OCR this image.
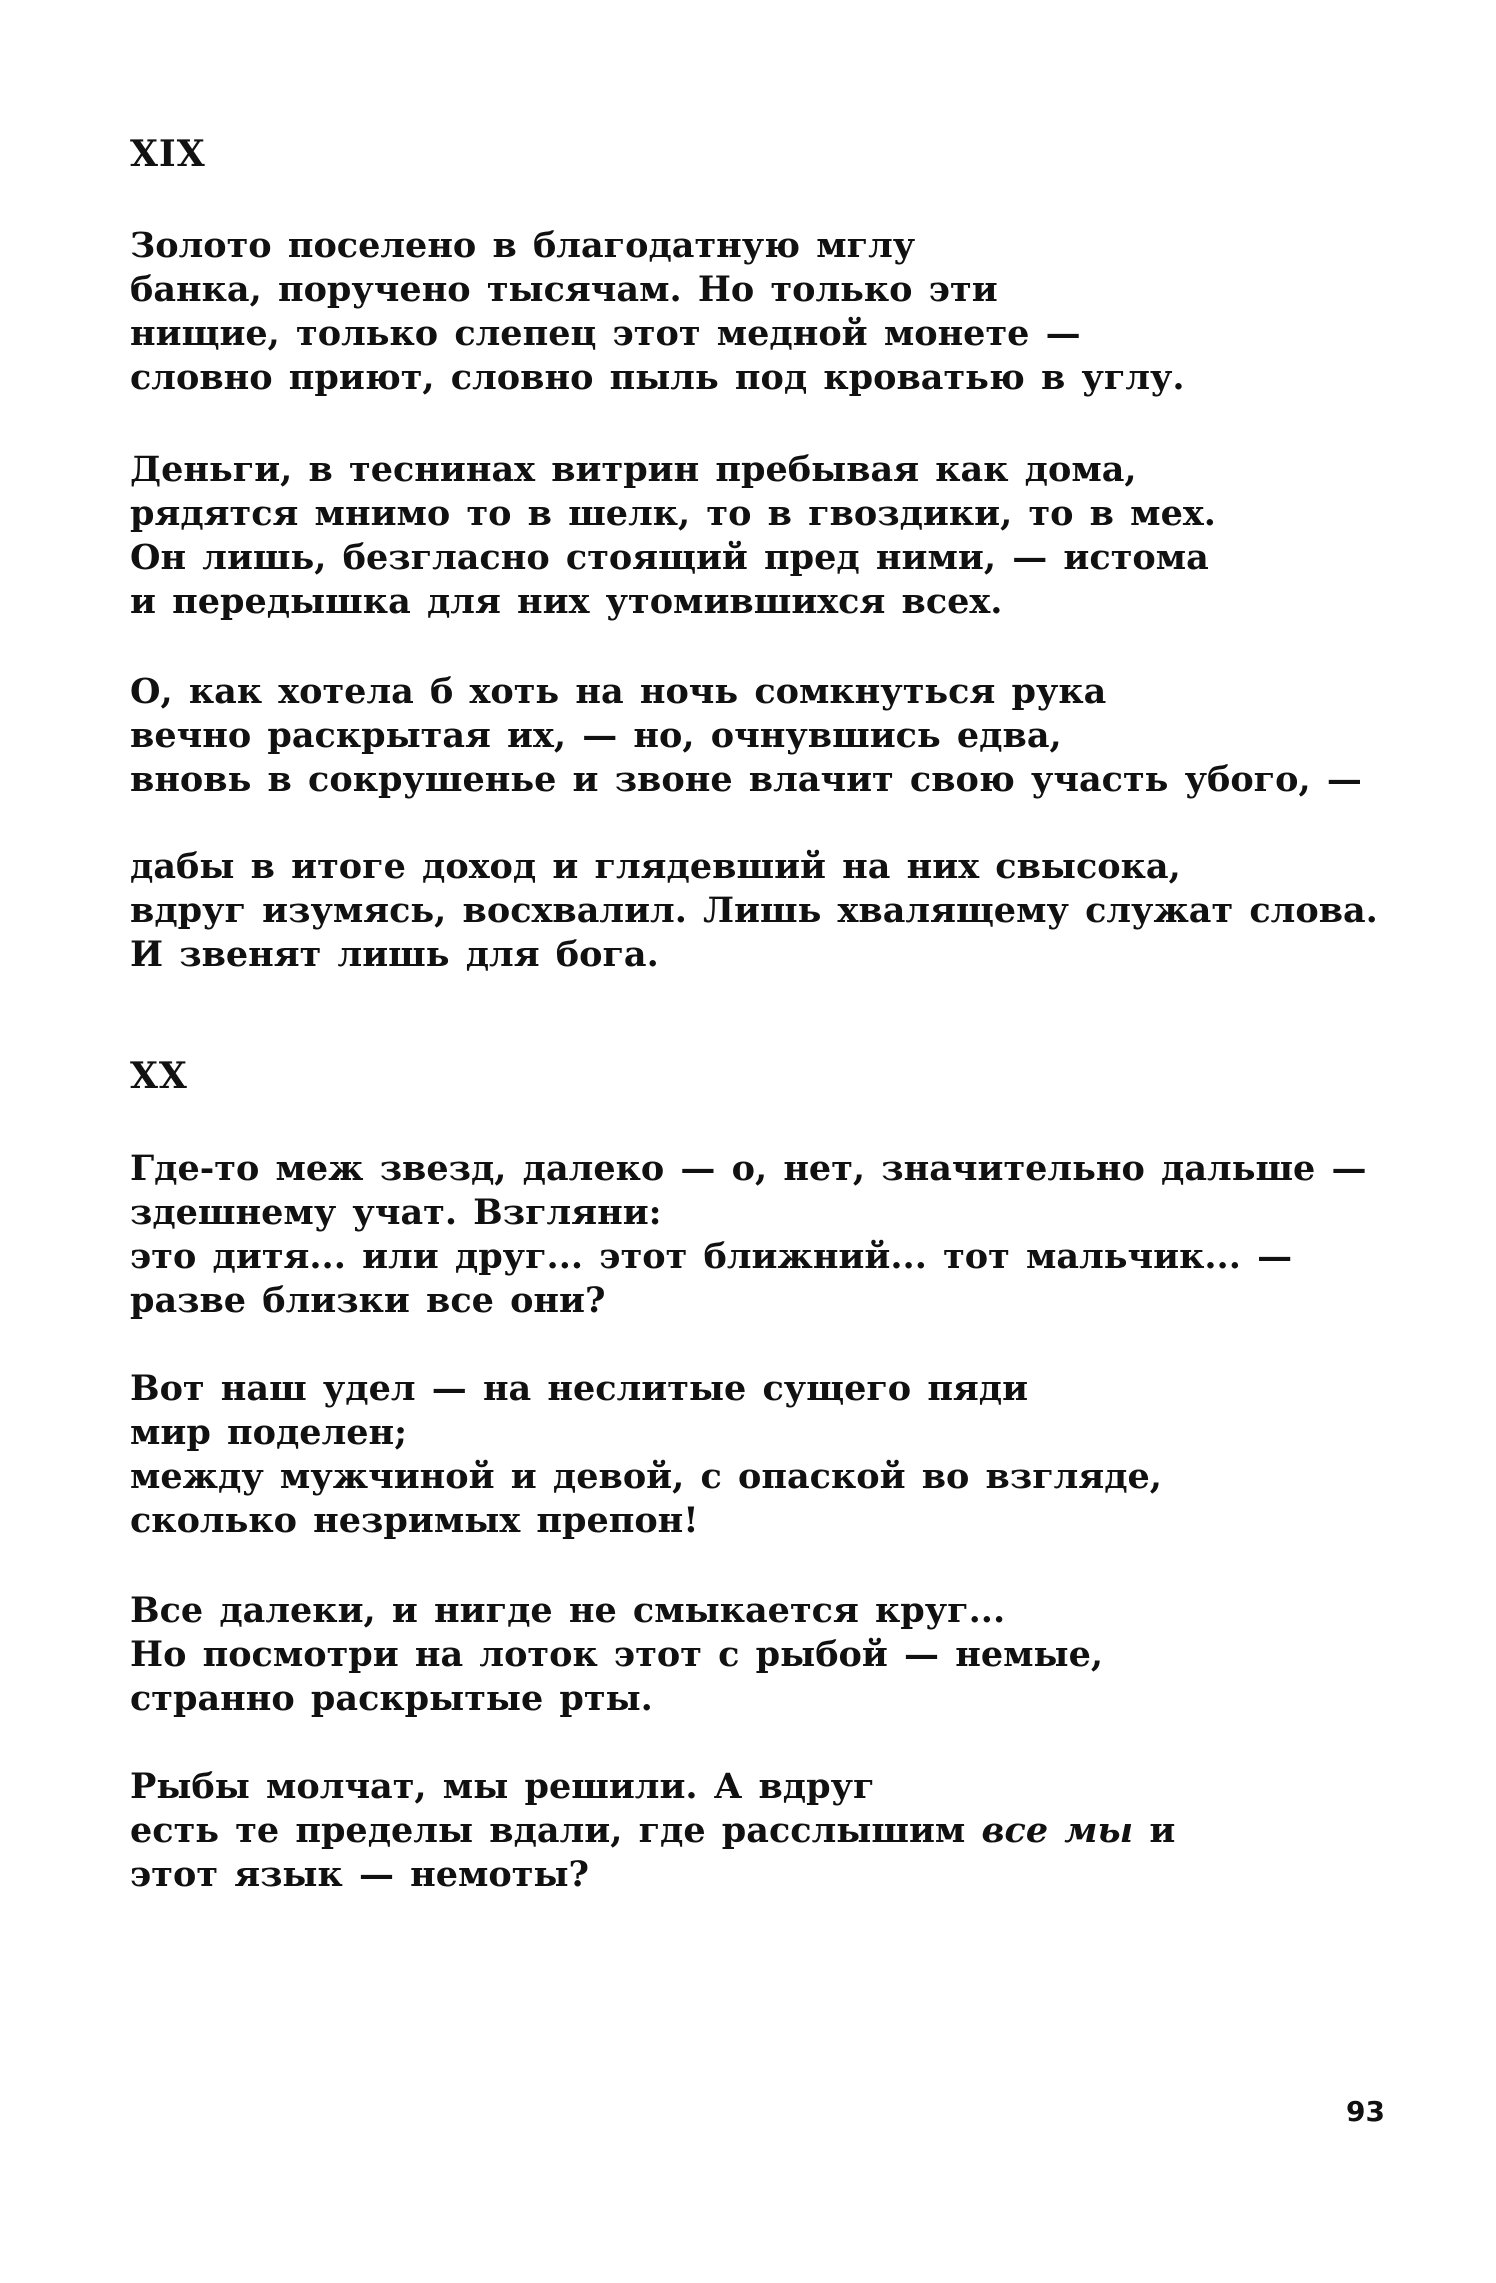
XIX
Золото поселено в благодатную мглу
банка, поручено тысячам. Но только эти
нищие, только слепец этот медной монете —
словно приют, словно пыль под кроватью в углу.
Деньги, в теснинах витрин пребывая как дома,
рядятся мнимо то в шелк, то в гвоздики, то в мех.
Он лишь, безгласно стоящий пред ними, — истома
и передышка для них утомившихся всех.
О, как хотела б хоть на ночь сомкнуться рука
вечно раскрытая их, — но, очнувшись едва,
вновь в сокрушенье и звоне влачит свою участь убого, —
дабы в итоге доход и глядевший на них свысока,
вдруг изумясь, восхвалил. Лишь хвалящему служат слова.
И звенят лишь для бога.
XX
Где-то меж звезд, далеко — о, нет, значительно дальше —
здешнему учат. Взгляни:
это дитя... или друг... этот ближний... тот мальчик... —
разве близки все они?
Вот наш удел — на неслитые сущего пяди
мир поделен;
между мужчиной и девой, с опаской во взгляде,
сколько незримых препон!
Все далеки, и нигде не смыкается круг...
Но посмотри на лоток этот с рыбой — немые,
странно раскрытые рты.
Рыбы молчат, мы решили. А вдруг
есть те пределы вдали, где расслышим все мы и
этот язык — немоты?
93
